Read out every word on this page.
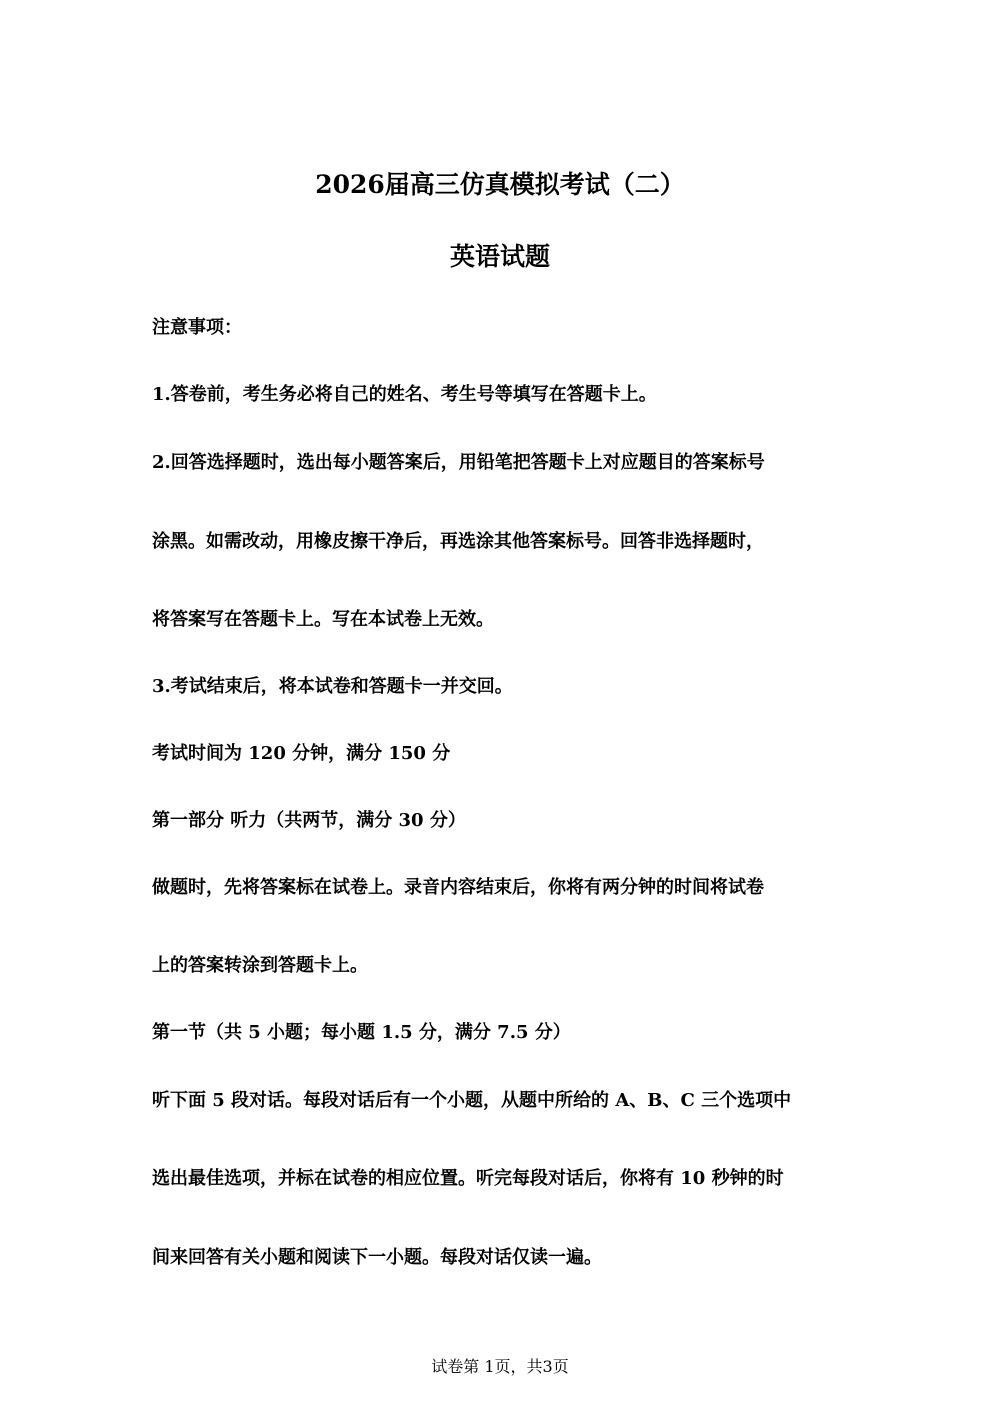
2026届高三仿真模拟考试（二）
英语试题
注意事项：
1.答卷前，考生务必将自己的姓名、考生号等填写在答题卡上。
2.回答选择题时，选出每小题答案后，用铅笔把答题卡上对应题目的答案标号
涂黑。如需改动，用橡皮擦干净后，再选涂其他答案标号。回答非选择题时，
将答案写在答题卡上。写在本试卷上无效。
3.考试结束后，将本试卷和答题卡一并交回。
考试时间为 120 分钟，满分 150 分
第一部分 听力（共两节，满分 30 分）
做题时，先将答案标在试卷上。录音内容结束后，你将有两分钟的时间将试卷
上的答案转涂到答题卡上。
第一节（共 5 小题；每小题 1.5 分，满分 7.5 分）
听下面 5 段对话。每段对话后有一个小题，从题中所给的 A、B、C 三个选项中
选出最佳选项，并标在试卷的相应位置。听完每段对话后，你将有 10 秒钟的时
间来回答有关小题和阅读下一小题。每段对话仅读一遍。
试卷第 1页，共3页
